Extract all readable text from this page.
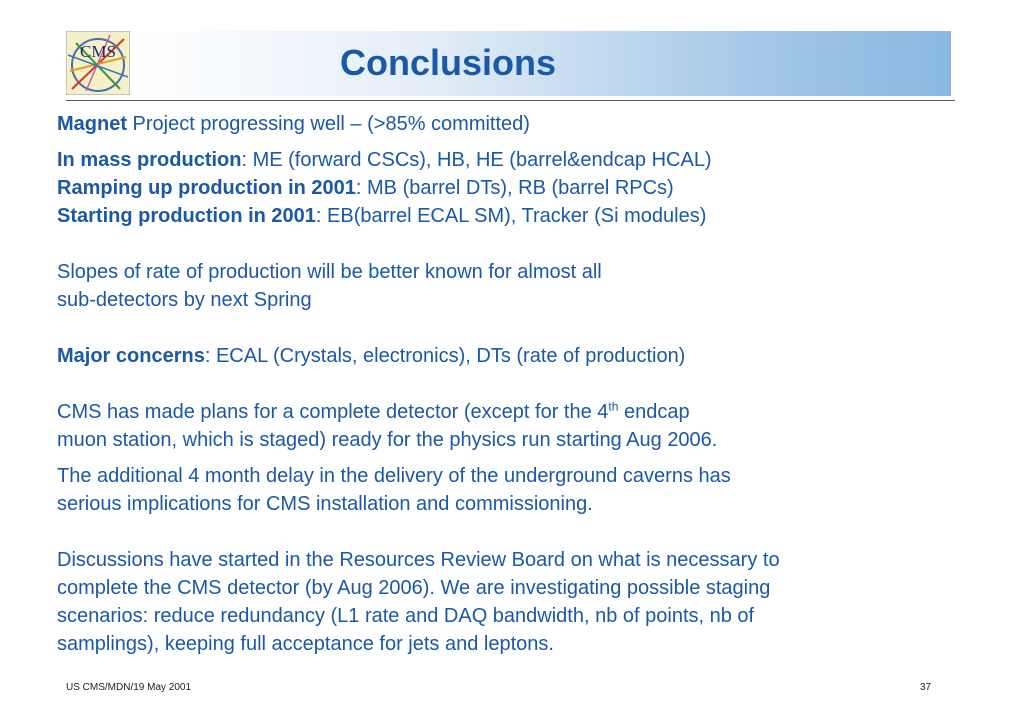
Conclusions
CMS

Magnet Project progressing well – (>85% committed)

In mass production: ME (forward CSCs), HB, HE (barrel&endcap HCAL)

Ramping up production in 2001: MB (barrel DTs), RB (barrel RPCs)

Starting production in 2001: EB(barrel ECAL SM), Tracker (Si modules)

Slopes of rate of production will be better known for almost all

sub-detectors by next Spring

Major concerns: ECAL (Crystals, electronics), DTs (rate of production)

CMS has made plans for a complete detector (except for the 4th endcap

muon station, which is staged) ready for the physics run starting Aug 2006.

The additional 4 month delay in the delivery of the underground caverns has

serious implications for CMS installation and commissioning.

Discussions have started in the Resources Review Board on what is necessary to

complete the CMS detector (by Aug 2006). We are investigating possible staging

scenarios: reduce redundancy (L1 rate and DAQ bandwidth, nb of points, nb of

samplings), keeping full acceptance for jets and leptons.

US CMS/MDN/19 May 2001	37
